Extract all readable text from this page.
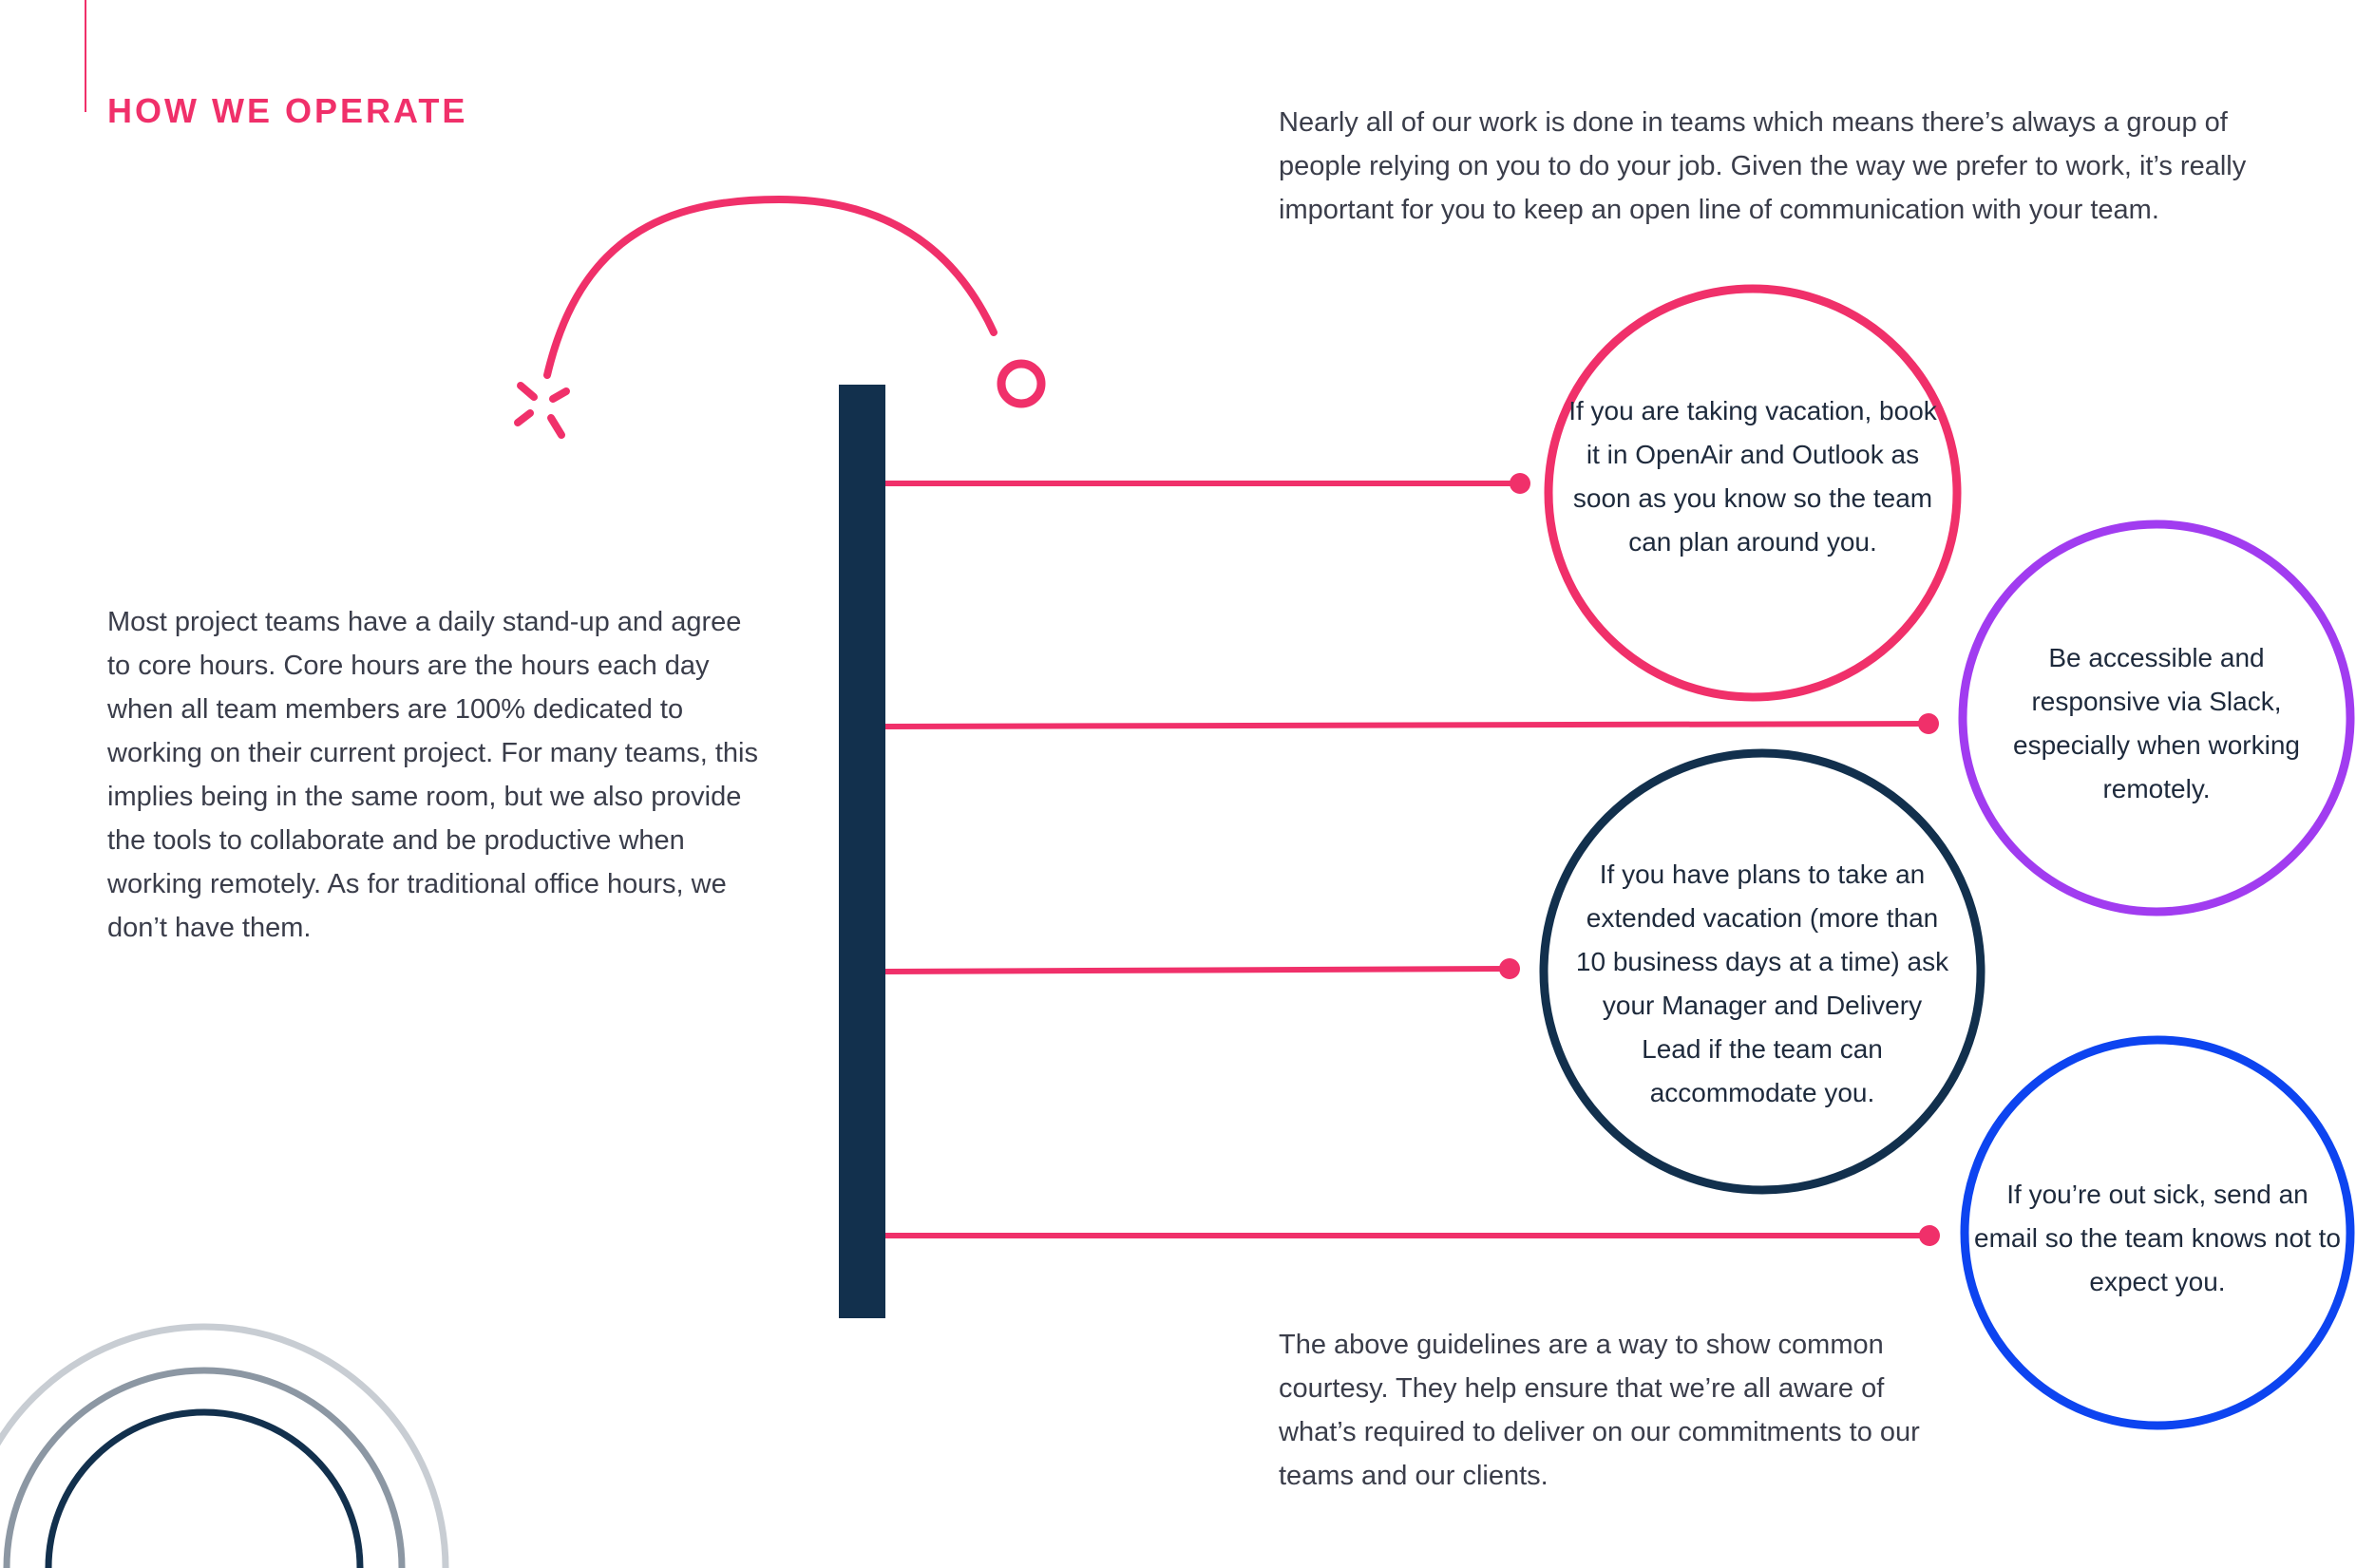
HOW WE OPERATE	Nearly all of our work is done in teams which means there’s always a group of people relying on you to do your job. Given the way we prefer to work, it’s really important for you to keep an open line of communication with your team.
Most project teams have a daily stand-up and agree to core hours. Core hours are the hours each day when all team members are 100% dedicated to working on their current project. For many teams, this implies being in the same room, but we also provide the tools to collaborate and be productive when working remotely. As for traditional office hours, we don’t have them.
If you are taking vacation, book it in OpenAir and Outlook as soon as you know so the team can plan around you.
Be accessible and responsive via Slack, especially when working remotely.
If you have plans to take an extended vacation (more than 10 business days at a time) ask your Manager and Delivery Lead if the team can accommodate you.
If you’re out sick, send an email so the team knows not to expect you.
The above guidelines are a way to show common courtesy. They help ensure that we’re all aware of what’s required to deliver on our commitments to our teams and our clients.
